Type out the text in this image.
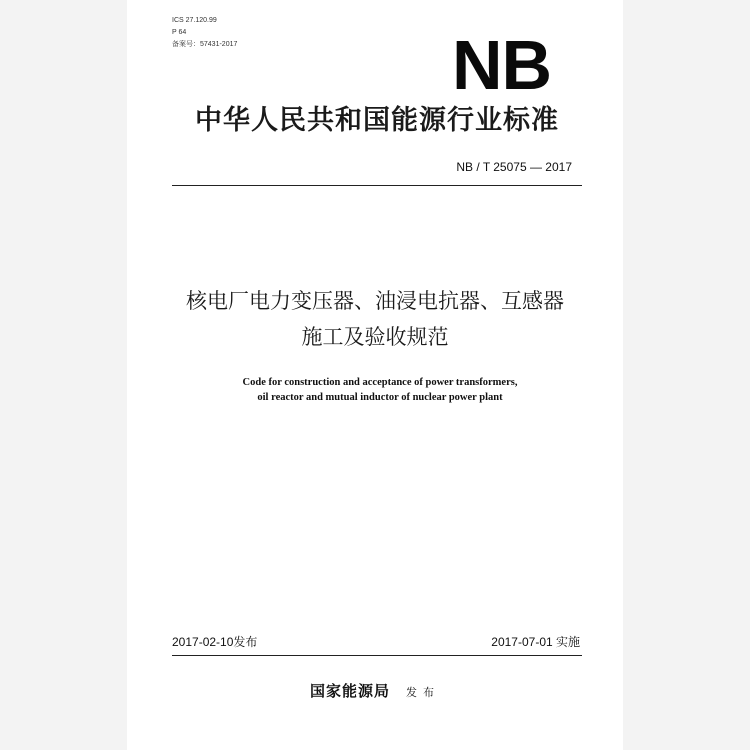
ICS 27.120.99
P 64
备案号：57431-2017	NB
中华人民共和国能源行业标准
NB / T 25075 — 2017
核电厂电力变压器、油浸电抗器、互感器
施工及验收规范
Code for construction and acceptance of power transformers,
oil reactor and mutual inductor of nuclear power plant
2017-02-10发布	2017-07-01 实施
国家能源局 发布
